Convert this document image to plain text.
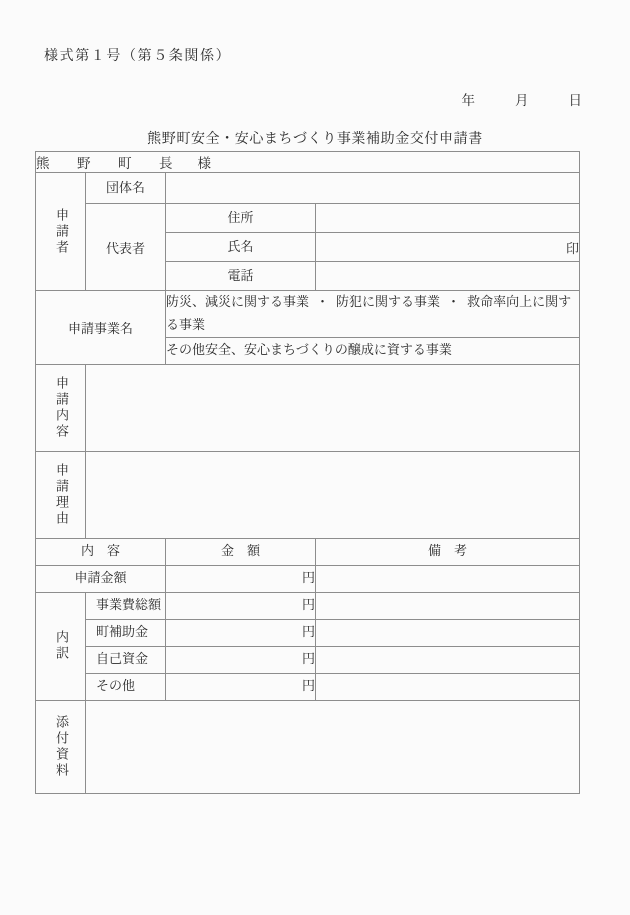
様式第１号（第５条関係）
年	月	日
熊野町安全・安心まちづくり事業補助金交付申請書
熊　野　町　長 様			

申請者	団体名		
	代表者	住所	
		氏名	印
		電話	
申請事業名		防災、減災に関する事業 ・ 防犯に関する事業 ・ 救命率向上に関する事業	
		その他安全、安心まちづくりの醸成に資する事業	

申請内容			

申請理由			

内　容		金　額	備　考
申請金額		円	

内訳	事業費総額	円	
	町補助金	円	
	自己資金	円	
	その他	円	

添付資料			
